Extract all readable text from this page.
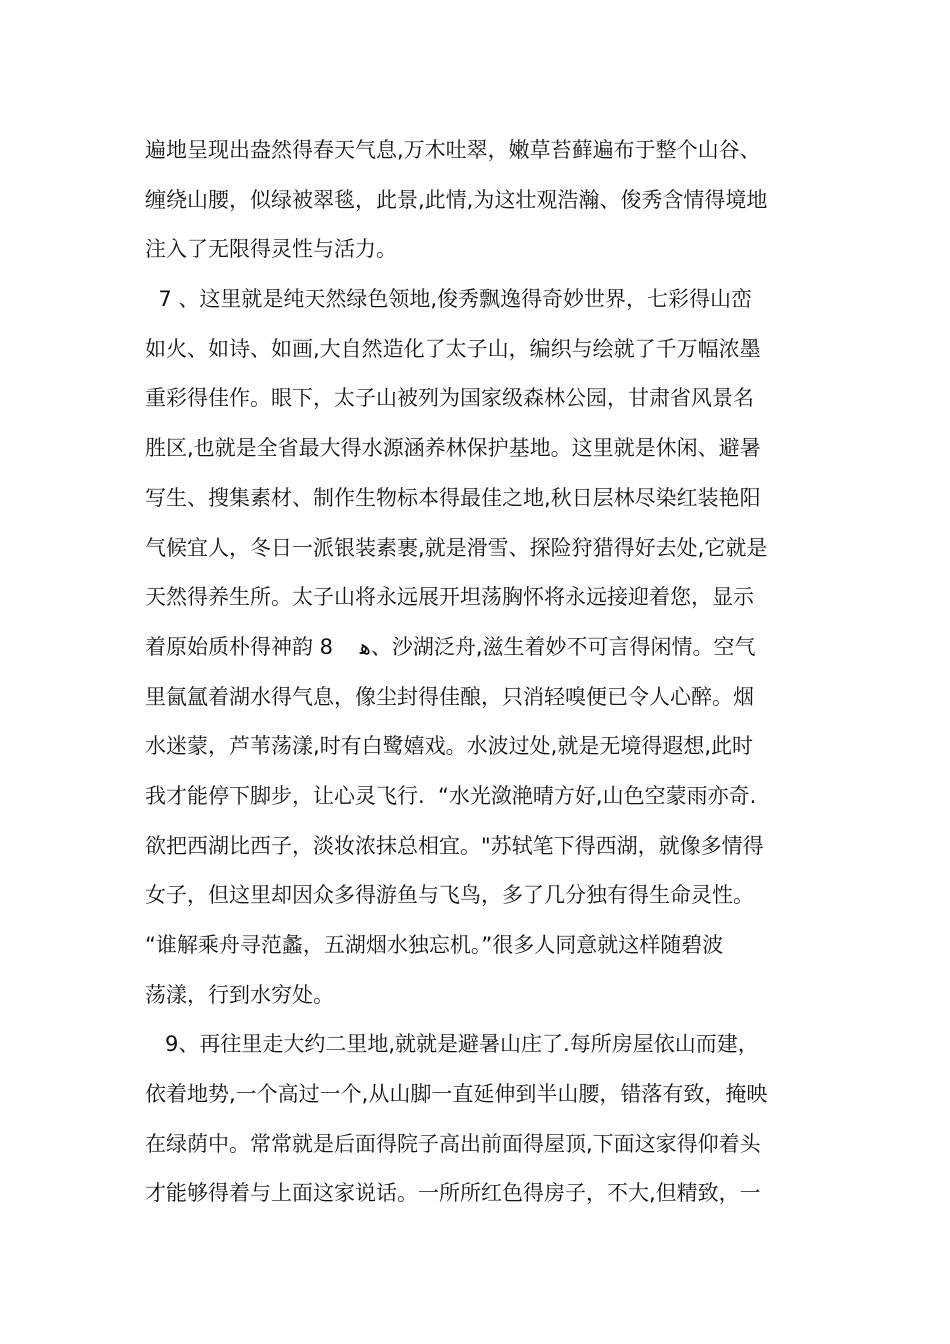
遍地呈现出盎然得春天气息,万木吐翠，嫩草苔藓遍布于整个山谷、
缠绕山腰，似绿被翠毯，此景,此情,为这壮观浩瀚、俊秀含情得境地
注入了无限得灵性与活力。
7 、这里就是纯天然绿色领地,俊秀飘逸得奇妙世界，七彩得山峦
如火、如诗、如画,大自然造化了太子山，编织与绘就了千万幅浓墨
重彩得佳作。眼下，太子山被列为国家级森林公园，甘肃省风景名
胜区,也就是全省最大得水源涵养林保护基地。这里就是休闲、避暑
写生、搜集素材、制作生物标本得最佳之地,秋日层林尽染红装艳阳
气候宜人，冬日一派银装素裹,就是滑雪、探险狩猎得好去处,它就是
天然得养生所。太子山将永远展开坦荡胸怀将永远接迎着您，显示
着原始质朴得神韵 8    ﻫ、沙湖泛舟,滋生着妙不可言得闲情。空气
里氤氲着湖水得气息，像尘封得佳酿，只消轻嗅便已令人心醉。烟
水迷蒙，芦苇荡漾,时有白鹭嬉戏。水波过处,就是无境得遐想,此时
我才能停下脚步，让心灵飞行.  “水光潋滟晴方好,山色空蒙雨亦奇.
欲把西湖比西子，淡妆浓抹总相宜。"苏轼笔下得西湖，就像多情得
女子，但这里却因众多得游鱼与飞鸟，多了几分独有得生命灵性。
“谁解乘舟寻范蠡，五湖烟水独忘机。”很多人同意就这样随碧波
荡漾，行到水穷处。
9、再往里走大约二里地,就就是避暑山庄了.每所房屋依山而建，
依着地势,一个高过一个,从山脚一直延伸到半山腰，错落有致，掩映
在绿荫中。常常就是后面得院子高出前面得屋顶,下面这家得仰着头
才能够得着与上面这家说话。一所所红色得房子，不大,但精致，一
